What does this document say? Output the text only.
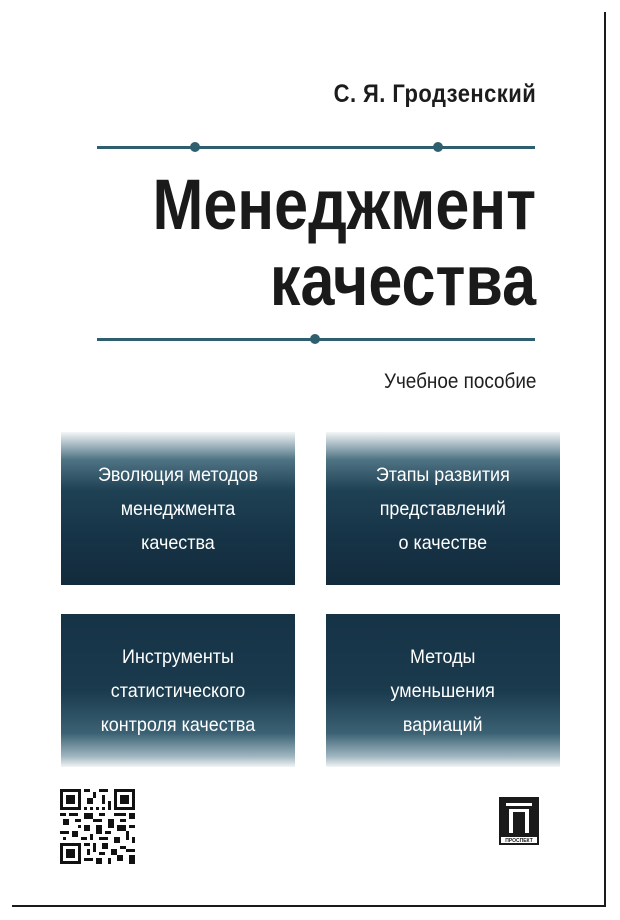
С. Я. Гродзенский
Менеджмент
качества
Учебное пособие
Эволюция методов
менеджмента
качества
Этапы развития
представлений
о качестве
Инструменты
статистического
контроля качества
Методы
уменьшения
вариаций
ПРОСПЕКТ
